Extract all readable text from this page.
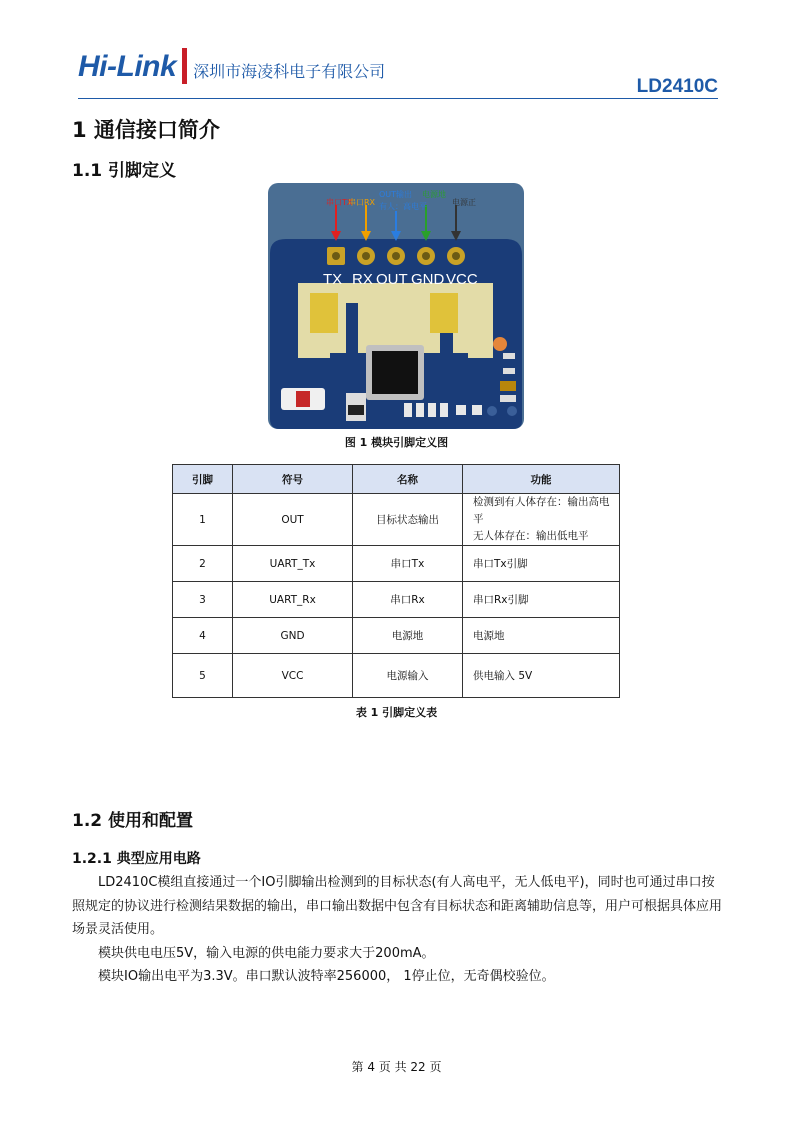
Hi-Link 深圳市海凌科电子有限公司
LD2410C
1 通信接口简介
1.1 引脚定义
串口TX
串口RX
OUT输出
有人：高电平
电源地
电源正
TX RX OUT GND VCC
图 1 模块引脚定义图
引脚	符号	名称	功能
1	OUT	目标状态输出	检测到有人体存在：输出高电平
无人体存在：输出低电平

2	UART_Tx	串口Tx	串口Tx引脚
3	UART_Rx	串口Rx	串口Rx引脚
4	GND	电源地	电源地
5	VCC	电源输入	供电输入 5V
表 1 引脚定义表
1.2 使用和配置
1.2.1 典型应用电路

LD2410C模组直接通过一个IO引脚输出检测到的目标状态(有人高电平，无人低电平)，同时也可通过串口按照规定的协议进行检测结果数据的输出，串口输出数据中包含有目标状态和距离辅助信息等，用户可根据具体应用场景灵活使用。

模块供电电压5V，输入电源的供电能力要求大于200mA。

模块IO输出电平为3.3V。串口默认波特率256000， 1停止位，无奇偶校验位。

第 4 页 共 22 页
